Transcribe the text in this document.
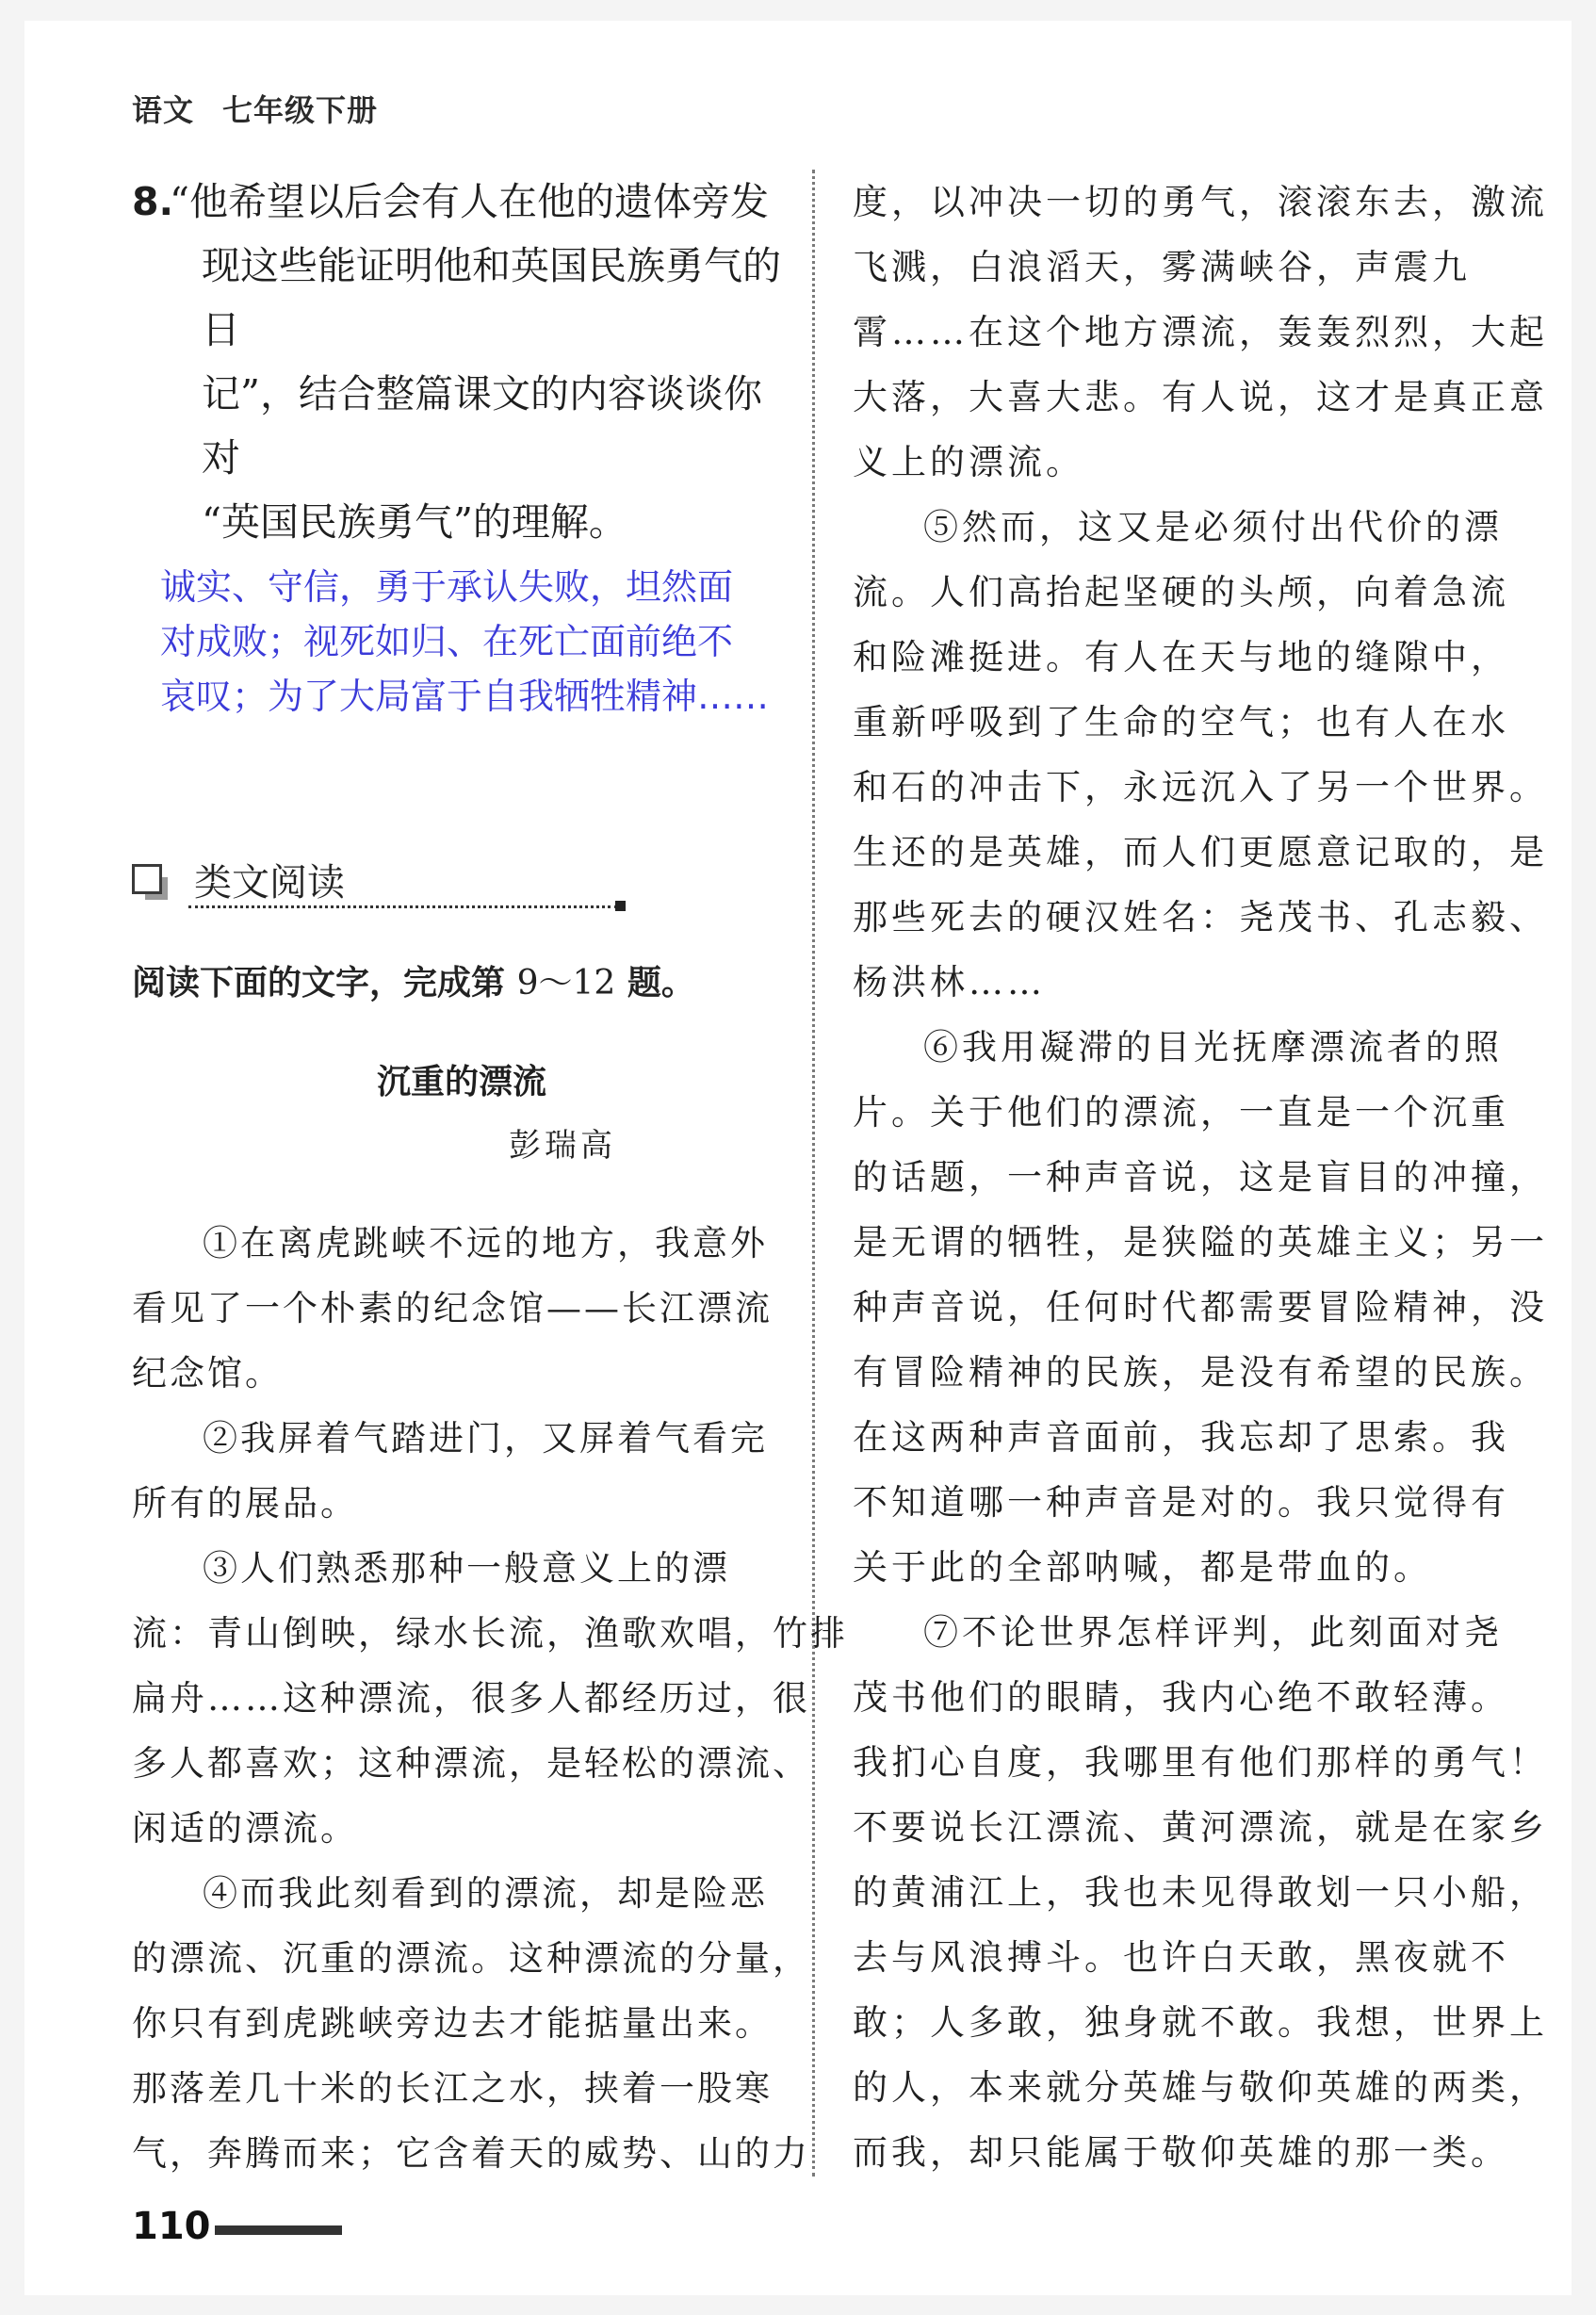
语文 七年级下册
8.
“他希望以后会有人在他的遗体旁发
现这些能证明他和英国民族勇气的日
记”，结合整篇课文的内容谈谈你对
“英国民族勇气”的理解。
诚实、守信，勇于承认失败，坦然面
对成败；视死如归、在死亡面前绝不
哀叹；为了大局富于自我牺牲精神……
类文阅读
阅读下面的文字，完成第 9～12 题。
沉重的漂流
彭瑞高
①在离虎跳峡不远的地方，我意外
看见了一个朴素的纪念馆——长江漂流
纪念馆。
②我屏着气踏进门，又屏着气看完
所有的展品。
③人们熟悉那种一般意义上的漂
流：青山倒映，绿水长流，渔歌欢唱，竹排
扁舟……这种漂流，很多人都经历过，很
多人都喜欢；这种漂流，是轻松的漂流、
闲适的漂流。
④而我此刻看到的漂流，却是险恶
的漂流、沉重的漂流。这种漂流的分量，
你只有到虎跳峡旁边去才能掂量出来。
那落差几十米的长江之水，挟着一股寒
气，奔腾而来；它含着天的威势、山的力
度，以冲决一切的勇气，滚滚东去，激流
飞溅，白浪滔天，雾满峡谷，声震九
霄……在这个地方漂流，轰轰烈烈，大起
大落，大喜大悲。有人说，这才是真正意
义上的漂流。
⑤然而，这又是必须付出代价的漂
流。人们高抬起坚硬的头颅，向着急流
和险滩挺进。有人在天与地的缝隙中，
重新呼吸到了生命的空气；也有人在水
和石的冲击下，永远沉入了另一个世界。
生还的是英雄，而人们更愿意记取的，是
那些死去的硬汉姓名：尧茂书、孔志毅、
杨洪林……
⑥我用凝滞的目光抚摩漂流者的照
片。关于他们的漂流，一直是一个沉重
的话题，一种声音说，这是盲目的冲撞，
是无谓的牺牲，是狭隘的英雄主义；另一
种声音说，任何时代都需要冒险精神，没
有冒险精神的民族，是没有希望的民族。
在这两种声音面前，我忘却了思索。我
不知道哪一种声音是对的。我只觉得有
关于此的全部呐喊，都是带血的。
⑦不论世界怎样评判，此刻面对尧
茂书他们的眼睛，我内心绝不敢轻薄。
我扪心自度，我哪里有他们那样的勇气！
不要说长江漂流、黄河漂流，就是在家乡
的黄浦江上，我也未见得敢划一只小船，
去与风浪搏斗。也许白天敢，黑夜就不
敢；人多敢，独身就不敢。我想，世界上
的人，本来就分英雄与敬仰英雄的两类，
而我，却只能属于敬仰英雄的那一类。
110
